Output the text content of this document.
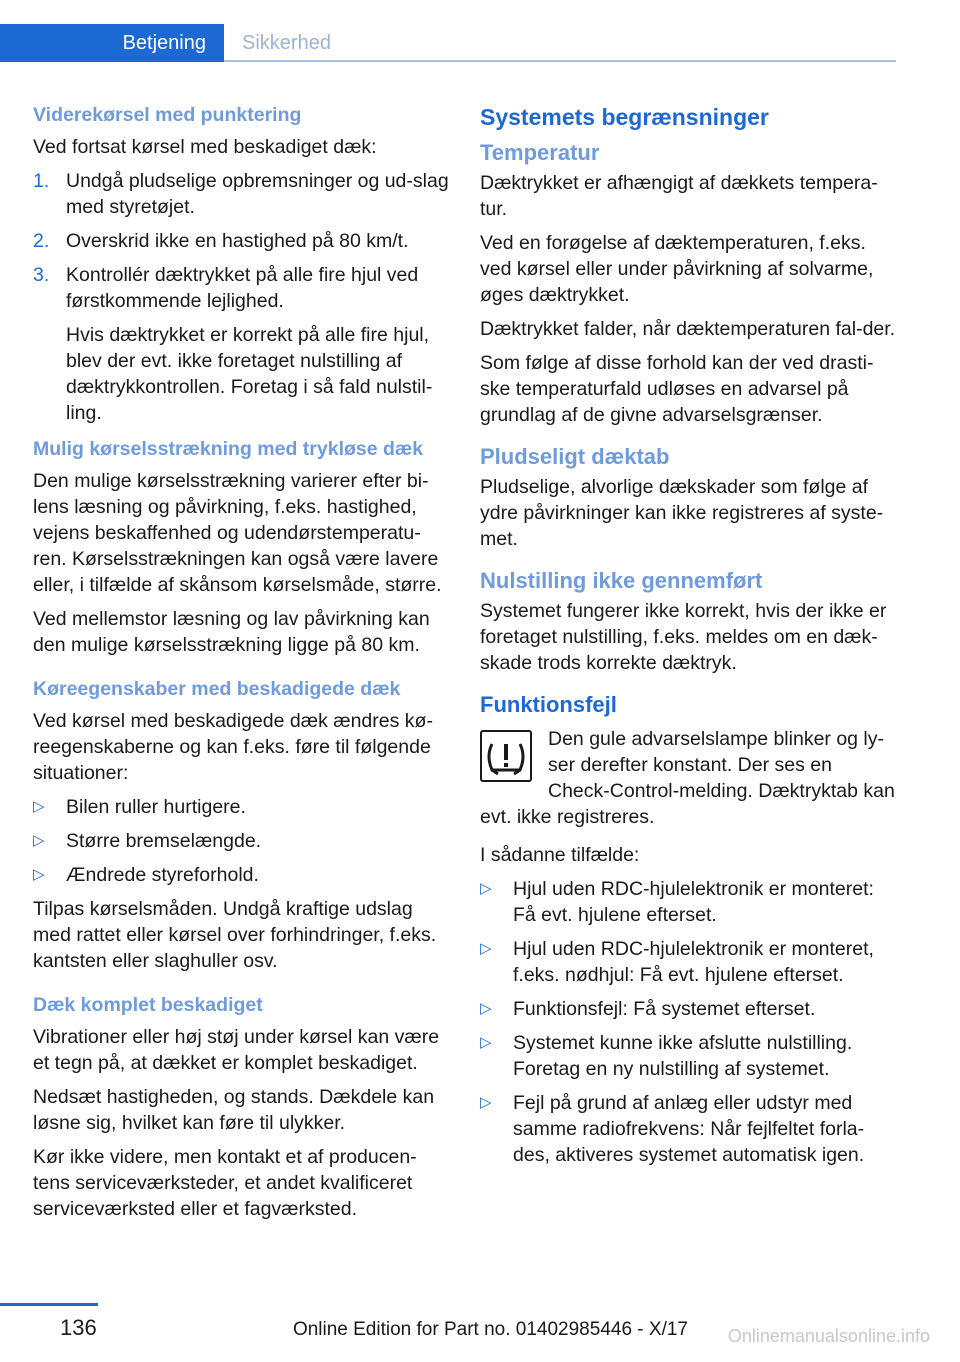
Betjening	Sikkerhed
Viderekørsel med punktering

Ved fortsat kørsel med beskadiget dæk:

1. Undgå pludselige opbremsninger og ud-slag med styretøjet.
2. Overskrid ikke en hastighed på 80 km/t.
3. Kontrollér dæktrykket på alle fire hjul ved førstkommende lejlighed.
Hvis dæktrykket er korrekt på alle fire hjul, blev der evt. ikke foretaget nulstilling af dæktrykkontrollen. Foretag i så fald nulstil-ling.
Mulig kørselsstrækning med trykløse dæk

Den mulige kørselsstrækning varierer efter bi-lens læsning og påvirkning, f.eks. hastighed, vejens beskaffenhed og udendørstemperatu-ren. Kørselsstrækningen kan også være lavere eller, i tilfælde af skånsom kørselsmåde, større.

Ved mellemstor læsning og lav påvirkning kan den mulige kørselsstrækning ligge på 80 km.

Køreegenskaber med beskadigede dæk

Ved kørsel med beskadigede dæk ændres kø-reegenskaberne og kan f.eks. føre til følgende situationer:

▷ Bilen ruller hurtigere.
▷ Større bremselængde.
▷ Ændrede styreforhold.

Tilpas kørselsmåden. Undgå kraftige udslag med rattet eller kørsel over forhindringer, f.eks. kantsten eller slaghuller osv.

Dæk komplet beskadiget

Vibrationer eller høj støj under kørsel kan være et tegn på, at dækket er komplet beskadiget.

Nedsæt hastigheden, og stands. Dækdele kan løsne sig, hvilket kan føre til ulykker.

Kør ikke videre, men kontakt et af producen-tens serviceværksteder, et andet kvalificeret serviceværksted eller et fagværksted.

Systemets begrænsninger
Temperatur

Dæktrykket er afhængigt af dækkets tempera-tur.

Ved en forøgelse af dæktemperaturen, f.eks. ved kørsel eller under påvirkning af solvarme, øges dæktrykket.

Dæktrykket falder, når dæktemperaturen fal-der.

Som følge af disse forhold kan der ved drasti-ske temperaturfald udløses en advarsel på grundlag af de givne advarselsgrænser.

Pludseligt dæktab

Pludselige, alvorlige dækskader som følge af ydre påvirkninger kan ikke registreres af syste-met.

Nulstilling ikke gennemført

Systemet fungerer ikke korrekt, hvis der ikke er foretaget nulstilling, f.eks. meldes om en dæk-skade trods korrekte dæktryk.

Funktionsfejl

Den gule advarselslampe blinker og ly-ser derefter konstant. Der ses en Check-Control-melding. Dæktryktab kan evt. ikke registreres.

I sådanne tilfælde:

▷ Hjul uden RDC-hjulelektronik er monteret: Få evt. hjulene efterset.
▷ Hjul uden RDC-hjulelektronik er monteret, f.eks. nødhjul: Få evt. hjulene efterset.
▷ Funktionsfejl: Få systemet efterset.
▷ Systemet kunne ikke afslutte nulstilling. Foretag en ny nulstilling af systemet.
▷ Fejl på grund af anlæg eller udstyr med samme radiofrekvens: Når fejlfeltet forla-des, aktiveres systemet automatisk igen.
136	Online Edition for Part no. 01402985446 - X/17 Onlinemanualsonline.info
